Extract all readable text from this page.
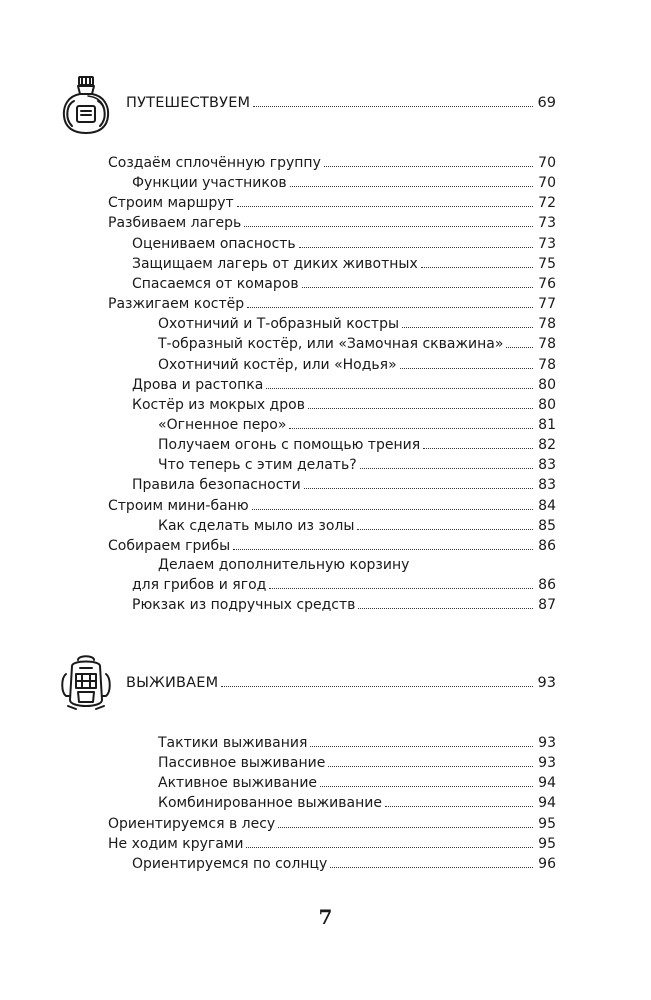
ПУТЕШЕСТВУЕМ	69
Создаём сплочённую группу	70
Функции участников	70
Строим маршрут	72
Разбиваем лагерь	73
Оцениваем опасность	73
Защищаем лагерь от диких животных	75
Спасаемся от комаров	76
Разжигаем костёр	77
Охотничий и Т-образный костры	78
Т-образный костёр, или «Замочная скважина» 78
Охотничий костёр, или «Нодья»	78
Дрова и растопка	80
Костёр из мокрых дров	80
«Огненное перо»	81
Получаем огонь с помощью трения	82
Что теперь с этим делать?	83
Правила безопасности	83
Строим мини-баню	84
Как сделать мыло из золы	85
Собираем грибы	86
Делаем дополнительную корзину
для грибов и ягод	86
Рюкзак из подручных средств	87
ВЫЖИВАЕМ	93
Тактики выживания	93
Пассивное выживание	93
Активное выживание	94
Комбинированное выживание	94
Ориентируемся в лесу	95
Не ходим кругами	95
Ориентируемся по солнцу	96
7
